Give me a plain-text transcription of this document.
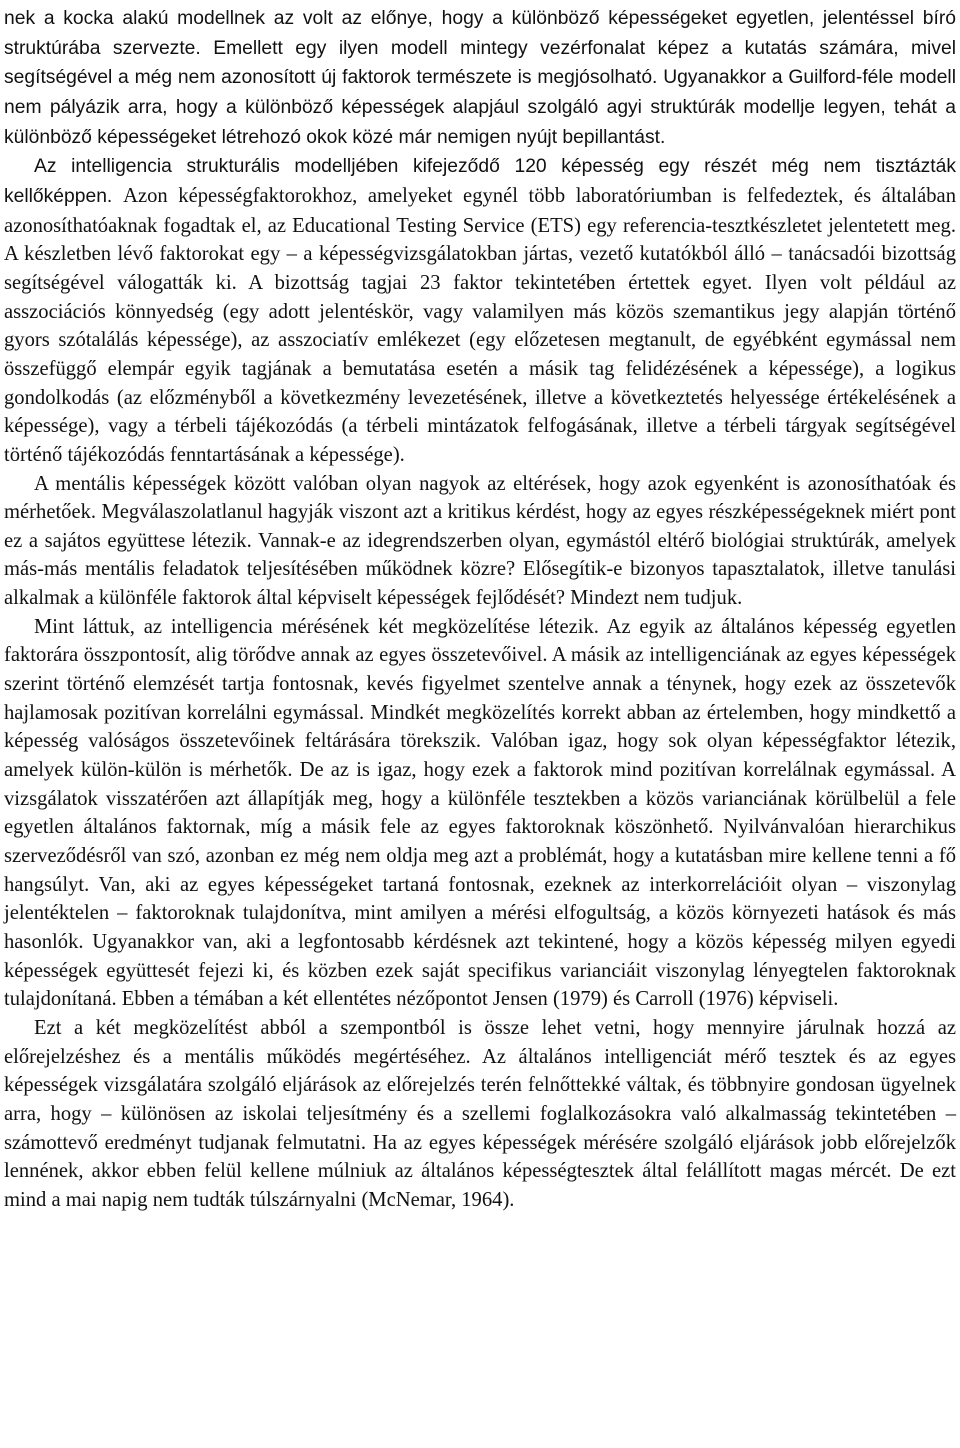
nek a kocka alakú modellnek az volt az előnye, hogy a különböző képességeket egyetlen, jelentéssel bíró struktúrába szervezte. Emellett egy ilyen modell mintegy vezérfonalat képez a kutatás számára, mivel segítségével a még nem azonosított új faktorok természete is megjósolható. Ugyanakkor a Guilford-féle modell nem pályázik arra, hogy a különböző képességek alapjául szolgáló agyi struktúrák modellje legyen, tehát a különböző képességeket létrehozó okok közé már nemigen nyújt bepillantást.

Az intelligencia strukturális modelljében kifejeződő 120 képesség egy részét még nem tisztázták kellőképpen. Azon képességfaktorokhoz, amelyeket egynél több laboratóriumban is felfedeztek, és általában azonosíthatóaknak fogadtak el, az Educational Testing Service (ETS) egy referencia-tesztkészletet jelentetett meg. A készletben lévő faktorokat egy – a képességvizsgálatokban jártas, vezető kutatókból álló – tanácsadói bizottság segítségével válogatták ki. A bizottság tagjai 23 faktor tekintetében értettek egyet. Ilyen volt például az asszociációs könnyedség (egy adott jelentéskör, vagy valamilyen más közös szemantikus jegy alapján történő gyors szótalálás képessége), az asszociatív emlékezet (egy előzetesen megtanult, de egyébként egymással nem összefüggő elempár egyik tagjának a bemutatása esetén a másik tag felidézésének a képessége), a logikus gondolkodás (az előzményből a következmény levezetésének, illetve a következtetés helyessége értékelésének a képessége), vagy a térbeli tájékozódás (a térbeli mintázatok felfogásának, illetve a térbeli tárgyak segítségével történő tájékozódás fenntartásának a képessége).

A mentális képességek között valóban olyan nagyok az eltérések, hogy azok egyenként is azonosíthatóak és mérhetőek. Megválaszolatlanul hagyják viszont azt a kritikus kérdést, hogy az egyes részképességeknek miért pont ez a sajátos együttese létezik. Vannak-e az idegrendszerben olyan, egymástól eltérő biológiai struktúrák, amelyek más-más mentális feladatok teljesítésében működnek közre? Elősegítik-e bizonyos tapasztalatok, illetve tanulási alkalmak a különféle faktorok által képviselt képességek fejlődését? Mindezt nem tudjuk.

Mint láttuk, az intelligencia mérésének két megközelítése létezik. Az egyik az általános képesség egyetlen faktorára összpontosít, alig törődve annak az egyes összetevőivel. A másik az intelligenciának az egyes képességek szerint történő elemzését tartja fontosnak, kevés figyelmet szentelve annak a ténynek, hogy ezek az összetevők hajlamosak pozitívan korrelálni egymással. Mindkét megközelítés korrekt abban az értelemben, hogy mindkettő a képesség valóságos összetevőinek feltárására törekszik. Valóban igaz, hogy sok olyan képességfaktor létezik, amelyek külön-külön is mérhetők. De az is igaz, hogy ezek a faktorok mind pozitívan korrelálnak egymással. A vizsgálatok visszatérően azt állapítják meg, hogy a különféle tesztekben a közös varianciának körülbelül a fele egyetlen általános faktornak, míg a másik fele az egyes faktoroknak köszönhető. Nyilvánvalóan hierarchikus szerveződésről van szó, azonban ez még nem oldja meg azt a problémát, hogy a kutatásban mire kellene tenni a fő hangsúlyt. Van, aki az egyes képességeket tartaná fontosnak, ezeknek az interkorrelációit olyan – viszonylag jelentéktelen – faktoroknak tulajdonítva, mint amilyen a mérési elfogultság, a közös környezeti hatások és más hasonlók. Ugyanakkor van, aki a legfontosabb kérdésnek azt tekintené, hogy a közös képesség milyen egyedi képességek együttesét fejezi ki, és közben ezek saját specifikus varianciáit viszonylag lényegtelen faktoroknak tulajdonítaná. Ebben a témában a két ellentétes nézőpontot Jensen (1979) és Carroll (1976) képviseli.

Ezt a két megközelítést abból a szempontból is össze lehet vetni, hogy mennyire járulnak hozzá az előrejelzéshez és a mentális működés megértéséhez. Az általános intelligenciát mérő tesztek és az egyes képességek vizsgálatára szolgáló eljárások az előrejelzés terén felnőttekké váltak, és többnyire gondosan ügyelnek arra, hogy – különösen az iskolai teljesítmény és a szellemi foglalkozásokra való alkalmasság tekintetében – számottevő eredményt tudjanak felmutatni. Ha az egyes képességek mérésére szolgáló eljárások jobb előrejelzők lennének, akkor ebben felül kellene múlniuk az általános képességtesztek által felállított magas mércét. De ezt mind a mai napig nem tudták túlszárnyalni (McNemar, 1964).
